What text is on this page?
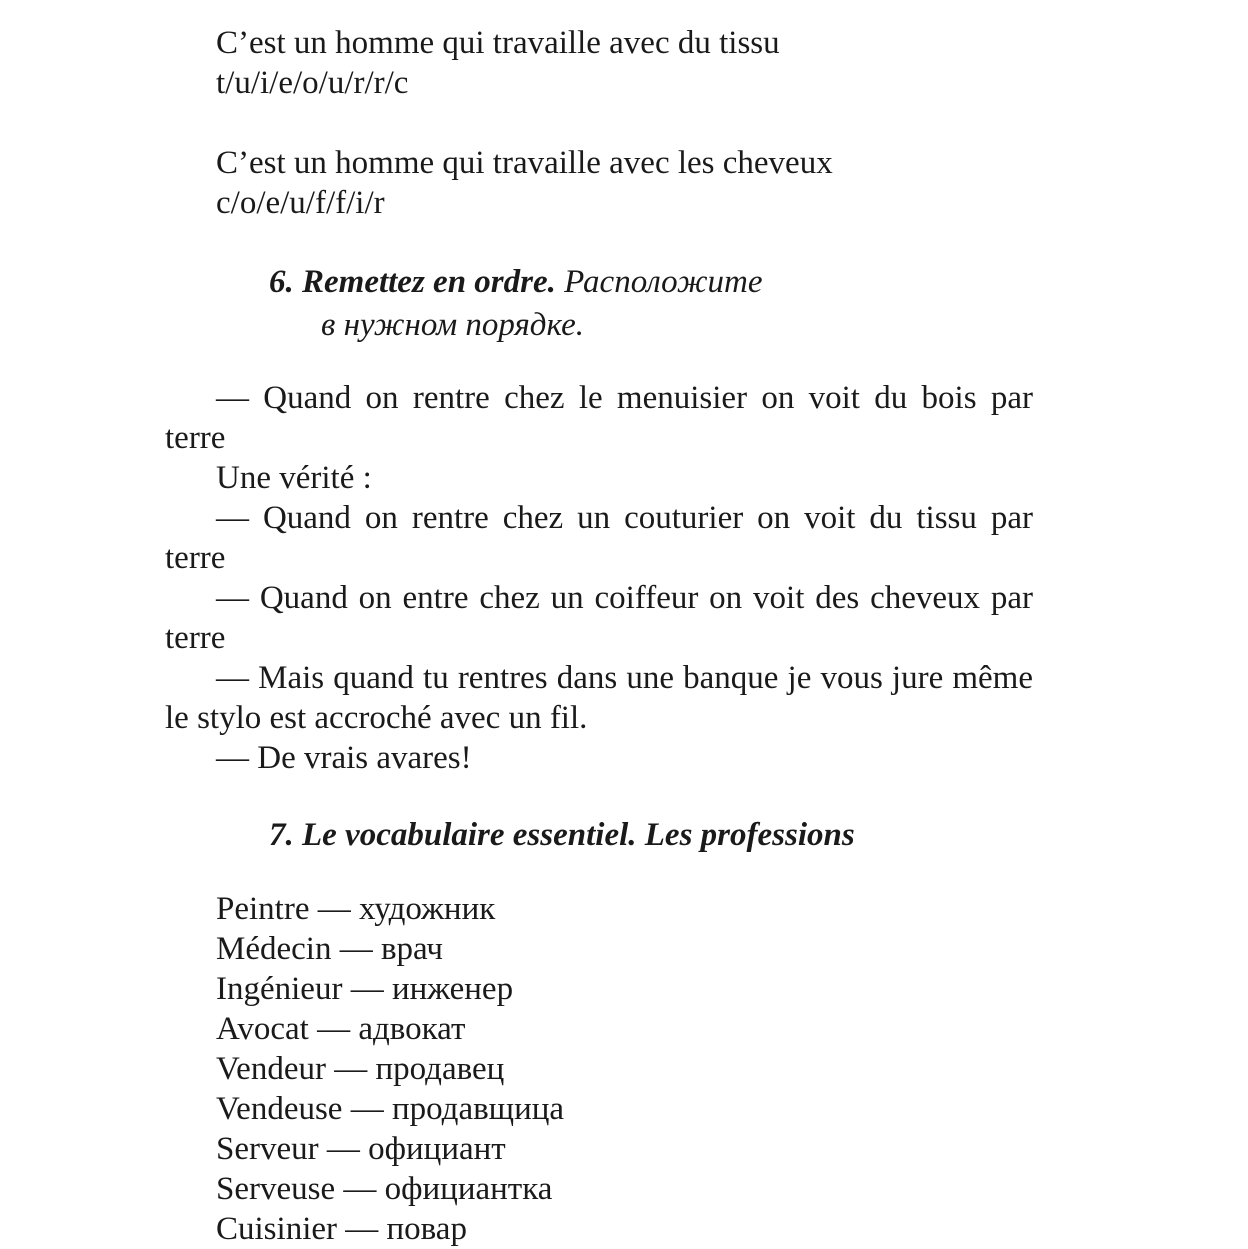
C’est un homme qui travaille avec du tissu

t/u/i/e/o/u/r/r/c

C’est un homme qui travaille avec les cheveux

c/o/e/u/f/f/i/r

6. Remettez en ordre. Расположите
в нужном порядке.

— Quand on rentre chez le menuisier on voit du bois par terre

Une vérité :

— Quand on rentre chez un couturier on voit du tissu par terre

— Quand on entre chez un coiffeur on voit des cheveux par terre

— Mais quand tu rentres dans une banque je vous jure même le stylo est accroché avec un fil.

— De vrais avares!

7. Le vocabulaire essentiel. Les professions
Peintre — художник
Médecin — врач
Ingénieur — инженер
Avocat — адвокат
Vendeur — продавец
Vendeuse — продавщица
Serveur — официант
Serveuse — официантка
Cuisinier — повар
